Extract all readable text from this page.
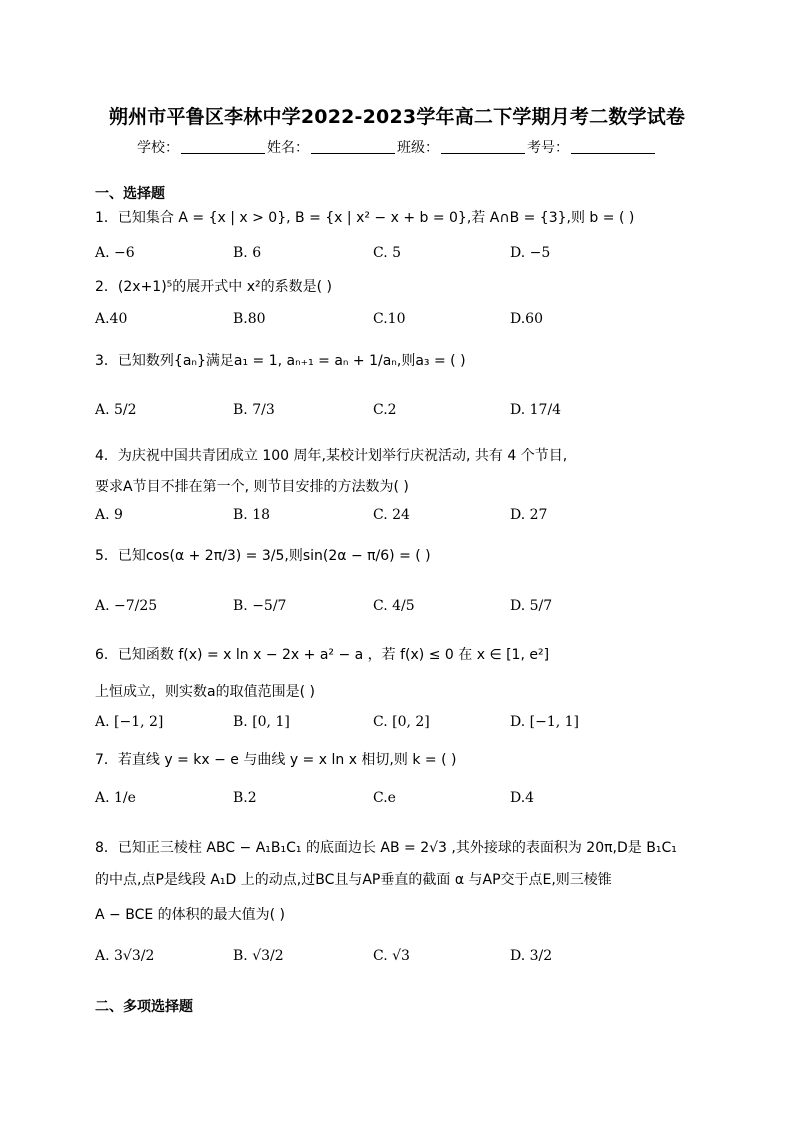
朔州市平鲁区李林中学2022-2023学年高二下学期月考二数学试卷
学校：	姓名：	班级：	考号：
一、选择题
1．已知集合 A = {x | x > 0}, B = {x | x² − x + b = 0},若 A∩B = {3},则 b = ( )
A. −6	B. 6	C. 5	D. −5
2．(2x+1)⁵的展开式中 x²的系数是( )
A.40	B.80	C.10	D.60
3．已知数列{aₙ}满足a₁ = 1, aₙ₊₁ = aₙ + 1/aₙ,则a₃ = ( )
A. 5/2	B. 7/3	C.2	D. 17/4
4．为庆祝中国共青团成立 100 周年,某校计划举行庆祝活动, 共有 4 个节目,
要求A节目不排在第一个, 则节目安排的方法数为( )
A. 9	B. 18	C. 24	D. 27
5．已知cos(α + 2π/3) = 3/5,则sin(2α − π/6) = ( )
A. −7/25	B. −5/7	C. 4/5	D. 5/7
6．已知函数 f(x) = x ln x − 2x + a² − a ，若 f(x) ≤ 0 在 x ∈ [1, e²]
上恒成立，则实数a的取值范围是( )
A. [−1, 2]	B. [0, 1]	C. [0, 2]	D. [−1, 1]
7．若直线 y = kx − e 与曲线 y = x ln x 相切,则 k = ( )
A. 1/e	B.2	C.e	D.4
8．已知正三棱柱 ABC − A₁B₁C₁ 的底面边长 AB = 2√3 ,其外接球的表面积为 20π,D是 B₁C₁
的中点,点P是线段 A₁D 上的动点,过BC且与AP垂直的截面 α 与AP交于点E,则三棱锥
A − BCE 的体积的最大值为( )
A. 3√3/2	B. √3/2	C. √3	D. 3/2
二、多项选择题
